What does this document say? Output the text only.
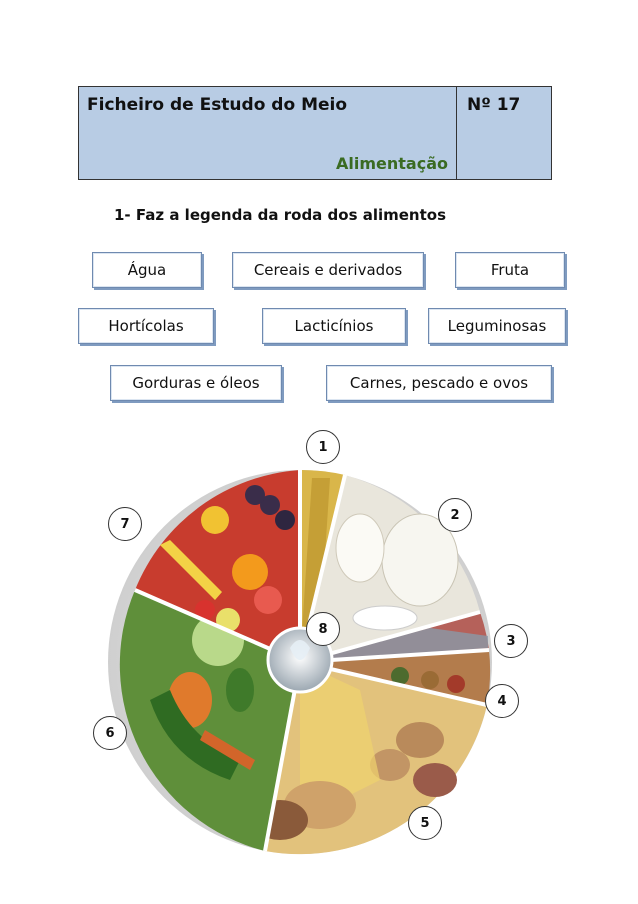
Ficheiro de Estudo do Meio
Alimentação
Nº 17
1- Faz a legenda da roda dos alimentos
Água	Cereais e derivados	Fruta
Hortícolas	Lacticínios	Leguminosas
Gorduras e óleos	Carnes, pescado e ovos
1
2
3
4
5
6
7
8
